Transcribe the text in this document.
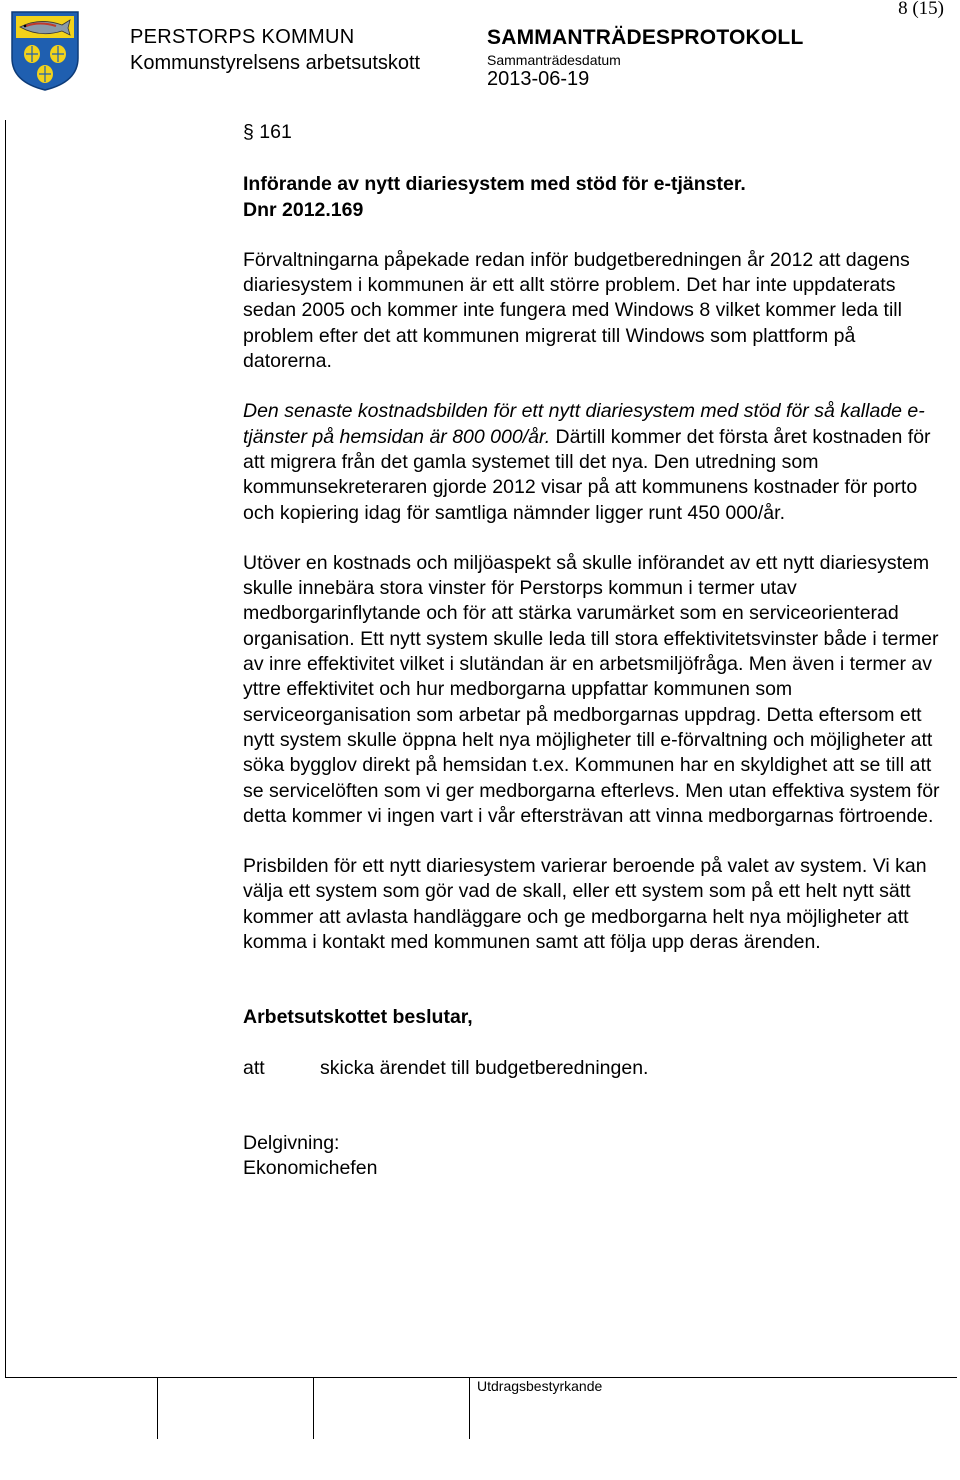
PERSTORPS KOMMUN
Kommunstyrelsens arbetsutskott
SAMMANTRÄDESPROTOKOLL
Sammanträdesdatum
2013-06-19
8 (15)
Utdragsbestyrkande

§ 161

Införande av nytt diariesystem med stöd för e-tjänster.
Dnr 2012.169

Förvaltningarna påpekade redan inför budgetberedningen år 2012 att dagens diariesystem i kommunen är ett allt större problem. Det har inte uppdaterats sedan 2005 och kommer inte fungera med Windows 8 vilket kommer leda till problem efter det att kommunen migrerat till Windows som plattform på datorerna.

Den senaste kostnadsbilden för ett nytt diariesystem med stöd för så kallade e-tjänster på hemsidan är 800 000/år. Därtill kommer det första året kostnaden för att migrera från det gamla systemet till det nya. Den utredning som kommunsekreteraren gjorde 2012 visar på att kommunens kostnader för porto och kopiering idag för samtliga nämnder ligger runt 450 000/år.

Utöver en kostnads och miljöaspekt så skulle införandet av ett nytt diariesystem skulle innebära stora vinster för Perstorps kommun i termer utav medborgarinflytande och för att stärka varumärket som en serviceorienterad organisation. Ett nytt system skulle leda till stora effektivitetsvinster både i termer av inre effektivitet vilket i slutändan är en arbetsmiljöfråga. Men även i termer av yttre effektivitet och hur medborgarna uppfattar kommunen som serviceorganisation som arbetar på medborgarnas uppdrag. Detta eftersom ett nytt system skulle öppna helt nya möjligheter till e-förvaltning och möjligheter att söka bygglov direkt på hemsidan t.ex. Kommunen har en skyldighet att se till att se servicelöften som vi ger medborgarna efterlevs. Men utan effektiva system för detta kommer vi ingen vart i vår eftersträvan att vinna medborgarnas förtroende.

Prisbilden för ett nytt diariesystem varierar beroende på valet av system. Vi kan välja ett system som gör vad de skall, eller ett system som på ett helt nytt sätt kommer att avlasta handläggare och ge medborgarna helt nya möjligheter att komma i kontakt med kommunen samt att följa upp deras ärenden.

Arbetsutskottet beslutar,

att	skicka ärendet till budgetberedningen.

Delgivning:
Ekonomichefen
